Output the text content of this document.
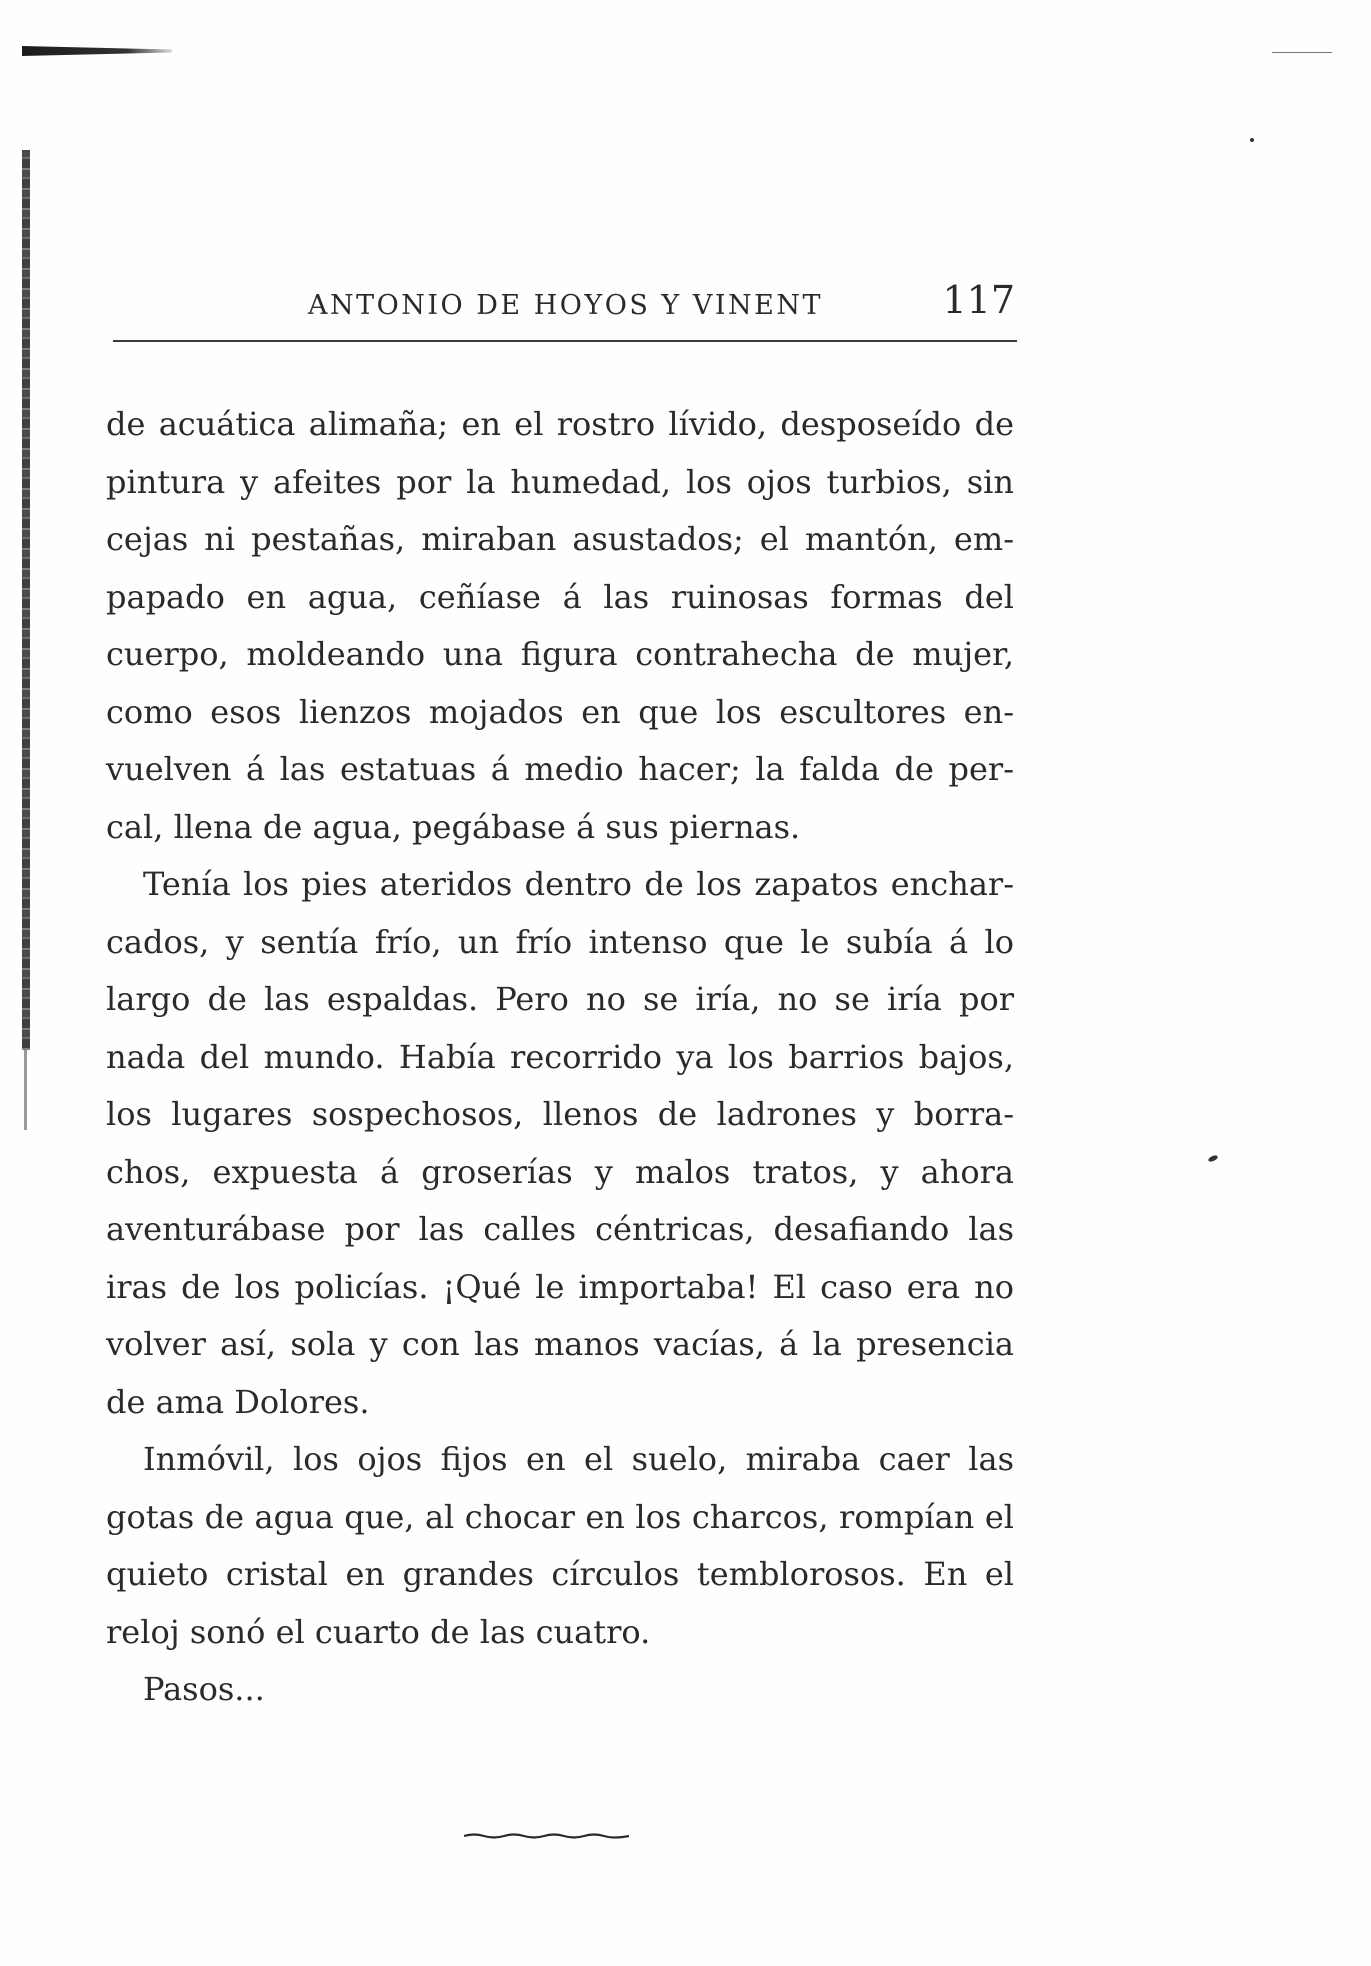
ANTONIO DE HOYOS Y VINENT	117
de acuática alimaña; en el rostro lívido, desposeído de
pintura y afeites por la humedad, los ojos turbios, sin
cejas ni pestañas, miraban asustados; el mantón, em-
papado en agua, ceñíase á las ruinosas formas del
cuerpo, moldeando una figura contrahecha de mujer,
como esos lienzos mojados en que los escultores en-
vuelven á las estatuas á medio hacer; la falda de per-
cal, llena de agua, pegábase á sus piernas.
Tenía los pies ateridos dentro de los zapatos enchar-
cados, y sentía frío, un frío intenso que le subía á lo
largo de las espaldas. Pero no se iría, no se iría por
nada del mundo. Había recorrido ya los barrios bajos,
los lugares sospechosos, llenos de ladrones y borra-
chos, expuesta á groserías y malos tratos, y ahora
aventurábase por las calles céntricas, desafiando las
iras de los policías. ¡Qué le importaba! El caso era no
volver así, sola y con las manos vacías, á la presencia
de ama Dolores.
Inmóvil, los ojos fijos en el suelo, miraba caer las
gotas de agua que, al chocar en los charcos, rompían el
quieto cristal en grandes círculos temblorosos. En el
reloj sonó el cuarto de las cuatro.
Pasos...
